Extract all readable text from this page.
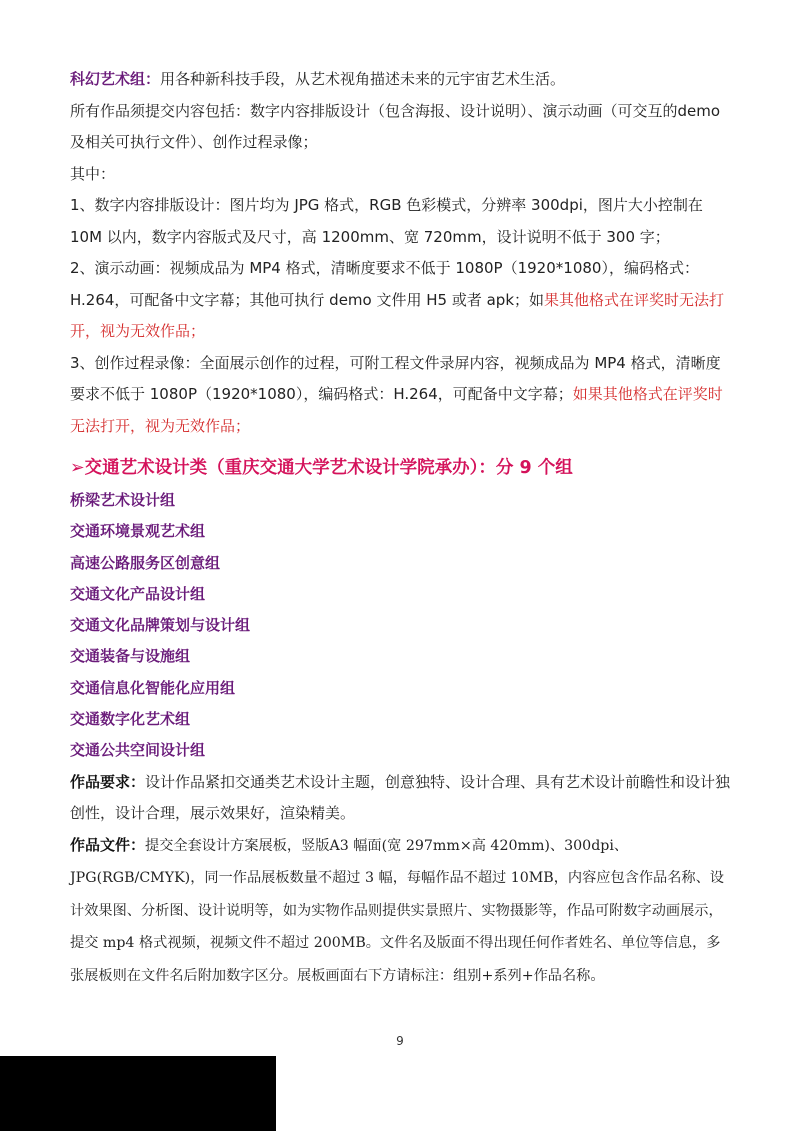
科幻艺术组：用各种新科技手段，从艺术视角描述未来的元宇宙艺术生活。

所有作品须提交内容包括：数字内容排版设计（包含海报、设计说明）、演示动画（可交互的demo 及相关可执行文件）、创作过程录像；

其中：

1、数字内容排版设计：图片均为 JPG 格式，RGB 色彩模式，分辨率 300dpi，图片大小控制在10M 以内，数字内容版式及尺寸，高 1200mm、宽 720mm，设计说明不低于 300 字；

2、演示动画：视频成品为 MP4 格式，清晰度要求不低于 1080P（1920*1080），编码格式：H.264，可配备中文字幕；其他可执行 demo 文件用 H5 或者 apk；如果其他格式在评奖时无法打开，视为无效作品；

3、创作过程录像：全面展示创作的过程，可附工程文件录屏内容，视频成品为 MP4 格式，清晰度要求不低于 1080P（1920*1080），编码格式：H.264，可配备中文字幕；如果其他格式在评奖时无法打开，视为无效作品；

➢交通艺术设计类（重庆交通大学艺术设计学院承办）：分 9 个组
桥梁艺术设计组
交通环境景观艺术组
高速公路服务区创意组
交通文化产品设计组
交通文化品牌策划与设计组
交通装备与设施组
交通信息化智能化应用组
交通数字化艺术组
交通公共空间设计组

作品要求：设计作品紧扣交通类艺术设计主题，创意独特、设计合理、具有艺术设计前瞻性和设计独创性，设计合理，展示效果好，渲染精美。

作品文件：提交全套设计方案展板，竖版A3 幅面(宽 297mm×高 420mm)、300dpi、JPG(RGB/CMYK)，同一作品展板数量不超过 3 幅，每幅作品不超过 10MB，内容应包含作品名称、设计效果图、分析图、设计说明等，如为实物作品则提供实景照片、实物摄影等，作品可附数字动画展示，提交 mp4 格式视频，视频文件不超过 200MB。文件名及版面不得出现任何作者姓名、单位等信息，多张展板则在文件名后附加数字区分。展板画面右下方请标注：组别+系列+作品名称。

9
